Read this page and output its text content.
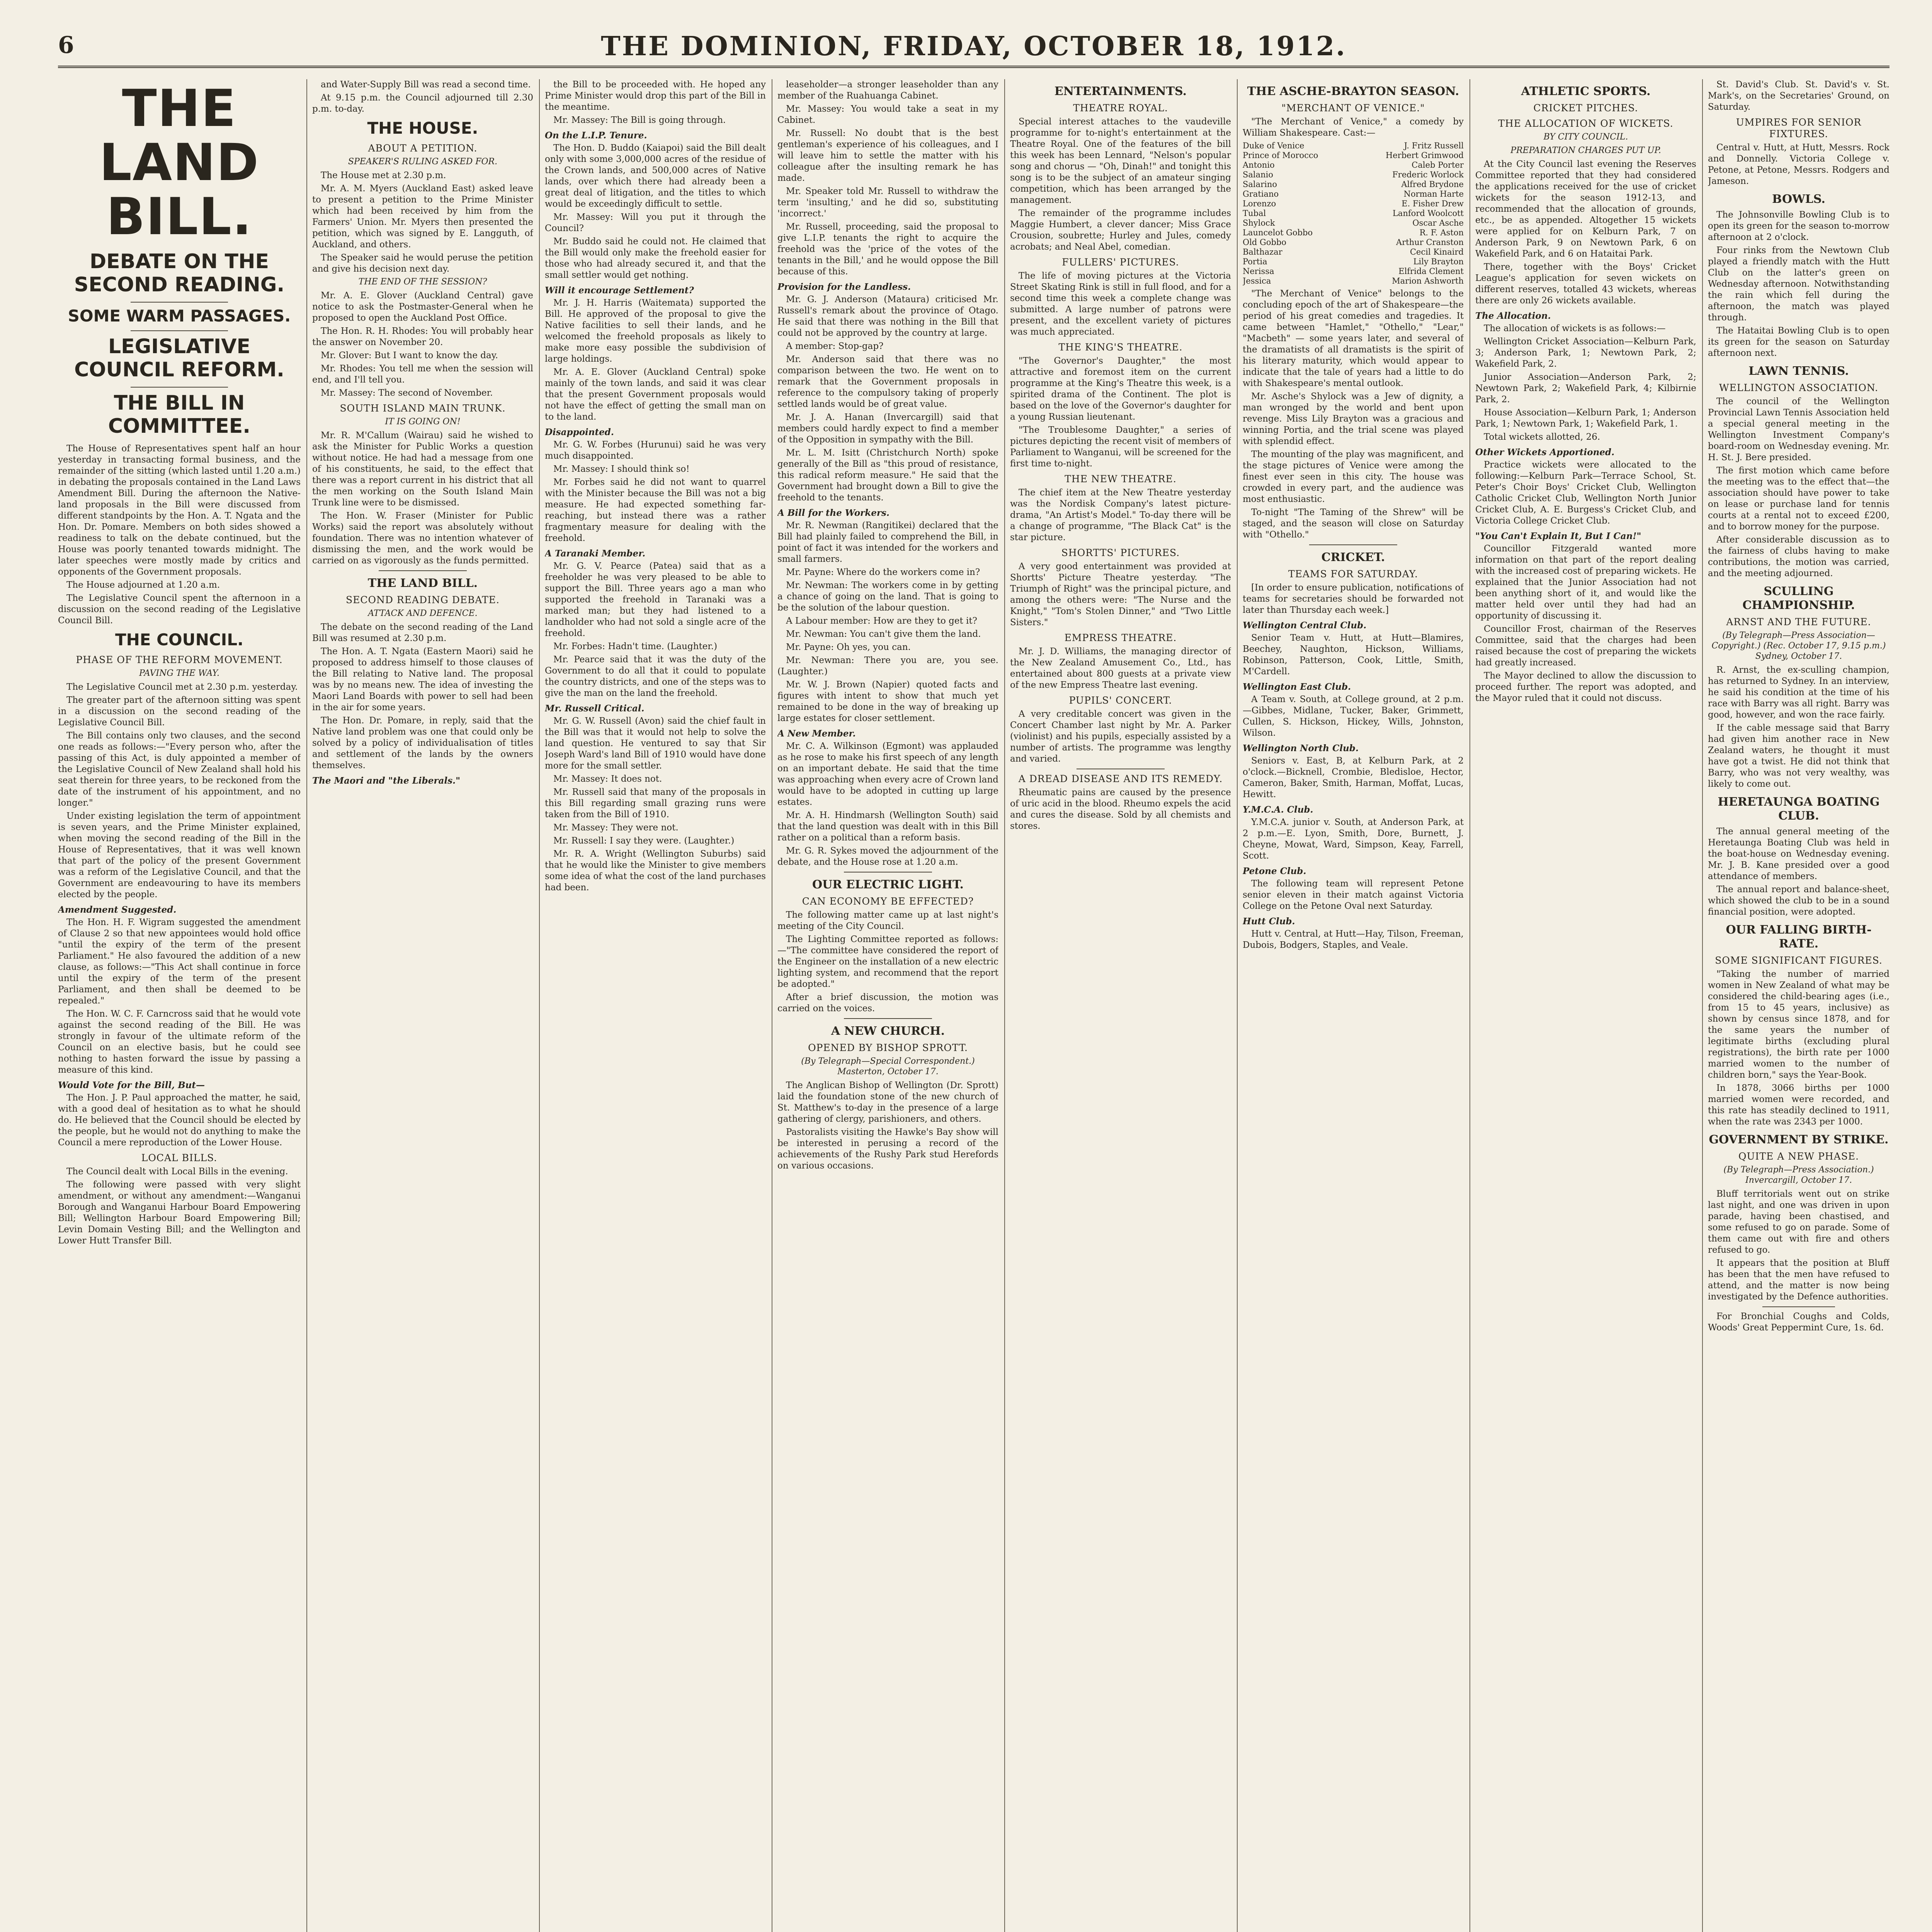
6	THE DOMINION, FRIDAY, OCTOBER 18, 1912.
THE LAND BILL.
DEBATE ON THE SECOND READING.
SOME WARM PASSAGES.
LEGISLATIVE COUNCIL REFORM.
THE BILL IN COMMITTEE.

The House of Representatives spent half an hour yesterday in transacting formal business, and the remainder of the sitting (which lasted until 1.20 a.m.) in debating the proposals contained in the Land Laws Amendment Bill. During the afternoon the Native-land proposals in the Bill were discussed from different standpoints by the Hon. A. T. Ngata and the Hon. Dr. Pomare. Members on both sides showed a readiness to talk on the debate continued, but the House was poorly tenanted towards midnight. The later speeches were mostly made by critics and opponents of the Government proposals.

The House adjourned at 1.20 a.m.

The Legislative Council spent the afternoon in a discussion on the second reading of the Legislative Council Bill.

THE COUNCIL.
PHASE OF THE REFORM MOVEMENT.
PAVING THE WAY.

The Legislative Council met at 2.30 p.m. yesterday.

The greater part of the afternoon sitting was spent in a discussion on the second reading of the Legislative Council Bill.

The Bill contains only two clauses, and the second one reads as follows:—"Every person who, after the passing of this Act, is duly appointed a member of the Legislative Council of New Zealand shall hold his seat therein for three years, to be reckoned from the date of the instrument of his appointment, and no longer."

Under existing legislation the term of appointment is seven years, and the Prime Minister explained, when moving the second reading of the Bill in the House of Representatives, that it was well known that part of the policy of the present Government was a reform of the Legislative Council, and that the Government are endeavouring to have its members elected by the people.

Amendment Suggested.

The Hon. H. F. Wigram suggested the amendment of Clause 2 so that new appointees would hold office "until the expiry of the term of the present Parliament." He also favoured the addition of a new clause, as follows:—"This Act shall continue in force until the expiry of the term of the present Parliament, and then shall be deemed to be repealed."

The Hon. W. C. F. Carncross said that he would vote against the second reading of the Bill. He was strongly in favour of the ultimate reform of the Council on an elective basis, but he could see nothing to hasten forward the issue by passing a measure of this kind.

Would Vote for the Bill, But—

The Hon. J. P. Paul approached the matter, he said, with a good deal of hesitation as to what he should do. He believed that the Council should be elected by the people, but he would not do anything to make the Council a mere reproduction of the Lower House.

LOCAL BILLS.

The Council dealt with Local Bills in the evening.

The following were passed with very slight amendment, or without any amendment:—Wanganui Borough and Wanganui Harbour Board Empowering Bill; Wellington Harbour Board Empowering Bill; Levin Domain Vesting Bill; and the Wellington and Lower Hutt Transfer Bill.

and Water-Supply Bill was read a second time.

At 9.15 p.m. the Council adjourned till 2.30 p.m. to-day.

THE HOUSE.
ABOUT A PETITION.
SPEAKER'S RULING ASKED FOR.

The House met at 2.30 p.m.

Mr. A. M. Myers (Auckland East) asked leave to present a petition to the Prime Minister which had been received by him from the Farmers' Union. Mr. Myers then presented the petition, which was signed by E. Langguth, of Auckland, and others.

The Speaker said he would peruse the petition and give his decision next day.

THE END OF THE SESSION?

Mr. A. E. Glover (Auckland Central) gave notice to ask the Postmaster-General when he proposed to open the Auckland Post Office.

The Hon. R. H. Rhodes: You will probably hear the answer on November 20.

Mr. Glover: But I want to know the day.

Mr. Rhodes: You tell me when the session will end, and I'll tell you.

Mr. Massey: The second of November.

SOUTH ISLAND MAIN TRUNK.
IT IS GOING ON!

Mr. R. M'Callum (Wairau) said he wished to ask the Minister for Public Works a question without notice. He had had a message from one of his constituents, he said, to the effect that there was a report current in his district that all the men working on the South Island Main Trunk line were to be dismissed.

The Hon. W. Fraser (Minister for Public Works) said the report was absolutely without foundation. There was no intention whatever of dismissing the men, and the work would be carried on as vigorously as the funds permitted.

THE LAND BILL.
SECOND READING DEBATE.
ATTACK AND DEFENCE.

The debate on the second reading of the Land Bill was resumed at 2.30 p.m.

The Hon. A. T. Ngata (Eastern Maori) said he proposed to address himself to those clauses of the Bill relating to Native land. The proposal was by no means new. The idea of investing the Maori Land Boards with power to sell had been in the air for some years.

The Hon. Dr. Pomare, in reply, said that the Native land problem was one that could only be solved by a policy of individualisation of titles and settlement of the lands by the owners themselves.

The Maori and "the Liberals."

the Bill to be proceeded with. He hoped any Prime Minister would drop this part of the Bill in the meantime.

Mr. Massey: The Bill is going through.

On the L.I.P. Tenure.

The Hon. D. Buddo (Kaiapoi) said the Bill dealt only with some 3,000,000 acres of the residue of the Crown lands, and 500,000 acres of Native lands, over which there had already been a great deal of litigation, and the titles to which would be exceedingly difficult to settle.

Mr. Massey: Will you put it through the Council?

Mr. Buddo said he could not. He claimed that the Bill would only make the freehold easier for those who had already secured it, and that the small settler would get nothing.

Will it encourage Settlement?

Mr. J. H. Harris (Waitemata) supported the Bill. He approved of the proposal to give the Native facilities to sell their lands, and he welcomed the freehold proposals as likely to make more easy possible the subdivision of large holdings.

Mr. A. E. Glover (Auckland Central) spoke mainly of the town lands, and said it was clear that the present Government proposals would not have the effect of getting the small man on to the land.

Disappointed.

Mr. G. W. Forbes (Hurunui) said he was very much disappointed.

Mr. Massey: I should think so!

Mr. Forbes said he did not want to quarrel with the Minister because the Bill was not a big measure. He had expected something far-reaching, but instead there was a rather fragmentary measure for dealing with the freehold.

A Taranaki Member.

Mr. G. V. Pearce (Patea) said that as a freeholder he was very pleased to be able to support the Bill. Three years ago a man who supported the freehold in Taranaki was a marked man; but they had listened to a landholder who had not sold a single acre of the freehold.

Mr. Forbes: Hadn't time. (Laughter.)

Mr. Pearce said that it was the duty of the Government to do all that it could to populate the country districts, and one of the steps was to give the man on the land the freehold.

Mr. Russell Critical.

Mr. G. W. Russell (Avon) said the chief fault in the Bill was that it would not help to solve the land question. He ventured to say that Sir Joseph Ward's land Bill of 1910 would have done more for the small settler.

Mr. Massey: It does not.

Mr. Russell said that many of the proposals in this Bill regarding small grazing runs were taken from the Bill of 1910.

Mr. Massey: They were not.

Mr. Russell: I say they were. (Laughter.)

Mr. R. A. Wright (Wellington Suburbs) said that he would like the Minister to give members some idea of what the cost of the land purchases had been.

leaseholder—a stronger leaseholder than any member of the Ruahuanga Cabinet.

Mr. Massey: You would take a seat in my Cabinet.

Mr. Russell: No doubt that is the best gentleman's experience of his colleagues, and I will leave him to settle the matter with his colleague after the insulting remark he has made.

Mr. Speaker told Mr. Russell to withdraw the term 'insulting,' and he did so, substituting 'incorrect.'

Mr. Russell, proceeding, said the proposal to give L.I.P. tenants the right to acquire the freehold was the 'price of the votes of the tenants in the Bill,' and he would oppose the Bill because of this.

Provision for the Landless.

Mr. G. J. Anderson (Mataura) criticised Mr. Russell's remark about the province of Otago. He said that there was nothing in the Bill that could not be approved by the country at large.

A member: Stop-gap?

Mr. Anderson said that there was no comparison between the two. He went on to remark that the Government proposals in reference to the compulsory taking of properly settled lands would be of great value.

Mr. J. A. Hanan (Invercargill) said that members could hardly expect to find a member of the Opposition in sympathy with the Bill.

Mr. L. M. Isitt (Christchurch North) spoke generally of the Bill as "this proud of resistance, this radical reform measure." He said that the Government had brought down a Bill to give the freehold to the tenants.

A Bill for the Workers.

Mr. R. Newman (Rangitikei) declared that the Bill had plainly failed to comprehend the Bill, in point of fact it was intended for the workers and small farmers.

Mr. Payne: Where do the workers come in?

Mr. Newman: The workers come in by getting a chance of going on the land. That is going to be the solution of the labour question.

A Labour member: How are they to get it?

Mr. Newman: You can't give them the land.

Mr. Payne: Oh yes, you can.

Mr. Newman: There you are, you see. (Laughter.)

Mr. W. J. Brown (Napier) quoted facts and figures with intent to show that much yet remained to be done in the way of breaking up large estates for closer settlement.

A New Member.

Mr. C. A. Wilkinson (Egmont) was applauded as he rose to make his first speech of any length on an important debate. He said that the time was approaching when every acre of Crown land would have to be adopted in cutting up large estates.

Mr. A. H. Hindmarsh (Wellington South) said that the land question was dealt with in this Bill rather on a political than a reform basis.

Mr. G. R. Sykes moved the adjournment of the debate, and the House rose at 1.20 a.m.

OUR ELECTRIC LIGHT.
CAN ECONOMY BE EFFECTED?

The following matter came up at last night's meeting of the City Council.

The Lighting Committee reported as follows:—"The committee have considered the report of the Engineer on the installation of a new electric lighting system, and recommend that the report be adopted."

After a brief discussion, the motion was carried on the voices.

A NEW CHURCH.
OPENED BY BISHOP SPROTT.
(By Telegraph—Special Correspondent.) Masterton, October 17.

The Anglican Bishop of Wellington (Dr. Sprott) laid the foundation stone of the new church of St. Matthew's to-day in the presence of a large gathering of clergy, parishioners, and others.

Pastoralists visiting the Hawke's Bay show will be interested in perusing a record of the achievements of the Rushy Park stud Herefords on various occasions.

ENTERTAINMENTS.
THEATRE ROYAL.

Special interest attaches to the vaudeville programme for to-night's entertainment at the Theatre Royal. One of the features of the bill this week has been Lennard, "Nelson's popular song and chorus — "Oh, Dinah!" and tonight this song is to be the subject of an amateur singing competition, which has been arranged by the management.

The remainder of the programme includes Maggie Humbert, a clever dancer; Miss Grace Crousion, soubrette; Hurley and Jules, comedy acrobats; and Neal Abel, comedian.

FULLERS' PICTURES.

The life of moving pictures at the Victoria Street Skating Rink is still in full flood, and for a second time this week a complete change was submitted. A large number of patrons were present, and the excellent variety of pictures was much appreciated.

THE KING'S THEATRE.

"The Governor's Daughter," the most attractive and foremost item on the current programme at the King's Theatre this week, is a spirited drama of the Continent. The plot is based on the love of the Governor's daughter for a young Russian lieutenant.

"The Troublesome Daughter," a series of pictures depicting the recent visit of members of Parliament to Wanganui, will be screened for the first time to-night.

THE NEW THEATRE.

The chief item at the New Theatre yesterday was the Nordisk Company's latest picture-drama, "An Artist's Model." To-day there will be a change of programme, "The Black Cat" is the star picture.

SHORTTS' PICTURES.

A very good entertainment was provided at Shortts' Picture Theatre yesterday. "The Triumph of Right" was the principal picture, and among the others were: "The Nurse and the Knight," "Tom's Stolen Dinner," and "Two Little Sisters."

EMPRESS THEATRE.

Mr. J. D. Williams, the managing director of the New Zealand Amusement Co., Ltd., has entertained about 800 guests at a private view of the new Empress Theatre last evening.

PUPILS' CONCERT.

A very creditable concert was given in the Concert Chamber last night by Mr. A. Parker (violinist) and his pupils, especially assisted by a number of artists. The programme was lengthy and varied.

A DREAD DISEASE AND ITS REMEDY.

Rheumatic pains are caused by the presence of uric acid in the blood. Rheumo expels the acid and cures the disease. Sold by all chemists and stores.

THE ASCHE-BRAYTON SEASON.
"MERCHANT OF VENICE."

"The Merchant of Venice," a comedy by William Shakespeare. Cast:—

Duke of Venice	J. Fritz Russell
Prince of Morocco	Herbert Grimwood
Antonio	Caleb Porter
Salanio	Frederic Worlock
Salarino	Alfred Brydone
Gratiano	Norman Harte
Lorenzo	E. Fisher Drew
Tubal	Lanford Woolcott
Shylock	Oscar Asche
Launcelot Gobbo	R. F. Aston
Old Gobbo	Arthur Cranston
Balthazar	Cecil Kinaird
Portia	Lily Brayton
Nerissa	Elfrida Clement
Jessica	Marion Ashworth

"The Merchant of Venice" belongs to the concluding epoch of the art of Shakespeare—the period of his great comedies and tragedies. It came between "Hamlet," "Othello," "Lear," "Macbeth" — some years later, and several of the dramatists of all dramatists is the spirit of his literary maturity, which would appear to indicate that the tale of years had a little to do with Shakespeare's mental outlook.

Mr. Asche's Shylock was a Jew of dignity, a man wronged by the world and bent upon revenge. Miss Lily Brayton was a gracious and winning Portia, and the trial scene was played with splendid effect.

The mounting of the play was magnificent, and the stage pictures of Venice were among the finest ever seen in this city. The house was crowded in every part, and the audience was most enthusiastic.

To-night "The Taming of the Shrew" will be staged, and the season will close on Saturday with "Othello."

CRICKET.
TEAMS FOR SATURDAY.

[In order to ensure publication, notifications of teams for secretaries should be forwarded not later than Thursday each week.]

Wellington Central Club.

Senior Team v. Hutt, at Hutt—Blamires, Beechey, Naughton, Hickson, Williams, Robinson, Patterson, Cook, Little, Smith, M'Cardell.

Wellington East Club.

A Team v. South, at College ground, at 2 p.m.—Gibbes, Midlane, Tucker, Baker, Grimmett, Cullen, S. Hickson, Hickey, Wills, Johnston, Wilson.

Wellington North Club.

Seniors v. East, B, at Kelburn Park, at 2 o'clock.—Bicknell, Crombie, Bledisloe, Hector, Cameron, Baker, Smith, Harman, Moffat, Lucas, Hewitt.

Y.M.C.A. Club.

Y.M.C.A. junior v. South, at Anderson Park, at 2 p.m.—E. Lyon, Smith, Dore, Burnett, J. Cheyne, Mowat, Ward, Simpson, Keay, Farrell, Scott.

Petone Club.

The following team will represent Petone senior eleven in their match against Victoria College on the Petone Oval next Saturday.

Hutt Club.

Hutt v. Central, at Hutt—Hay, Tilson, Freeman, Dubois, Bodgers, Staples, and Veale.

ATHLETIC SPORTS.
CRICKET PITCHES.
THE ALLOCATION OF WICKETS.
BY CITY COUNCIL.
PREPARATION CHARGES PUT UP.

At the City Council last evening the Reserves Committee reported that they had considered the applications received for the use of cricket wickets for the season 1912-13, and recommended that the allocation of grounds, etc., be as appended. Altogether 15 wickets were applied for on Kelburn Park, 7 on Anderson Park, 9 on Newtown Park, 6 on Wakefield Park, and 6 on Hataitai Park.

There, together with the Boys' Cricket League's application for seven wickets on different reserves, totalled 43 wickets, whereas there are only 26 wickets available.

The Allocation.

The allocation of wickets is as follows:—

Wellington Cricket Association—Kelburn Park, 3; Anderson Park, 1; Newtown Park, 2; Wakefield Park, 2.

Junior Association—Anderson Park, 2; Newtown Park, 2; Wakefield Park, 4; Kilbirnie Park, 2.

House Association—Kelburn Park, 1; Anderson Park, 1; Newtown Park, 1; Wakefield Park, 1.

Total wickets allotted, 26.

Other Wickets Apportioned.

Practice wickets were allocated to the following:—Kelburn Park—Terrace School, St. Peter's Choir Boys' Cricket Club, Wellington Catholic Cricket Club, Wellington North Junior Cricket Club, A. E. Burgess's Cricket Club, and Victoria College Cricket Club.

"You Can't Explain It, But I Can!"

Councillor Fitzgerald wanted more information on that part of the report dealing with the increased cost of preparing wickets. He explained that the Junior Association had not been anything short of it, and would like the matter held over until they had had an opportunity of discussing it.

Councillor Frost, chairman of the Reserves Committee, said that the charges had been raised because the cost of preparing the wickets had greatly increased.

The Mayor declined to allow the discussion to proceed further. The report was adopted, and the Mayor ruled that it could not discuss.

St. David's Club. St. David's v. St. Mark's, on the Secretaries' Ground, on Saturday.

UMPIRES FOR SENIOR FIXTURES.

Central v. Hutt, at Hutt, Messrs. Rock and Donnelly. Victoria College v. Petone, at Petone, Messrs. Rodgers and Jameson.

BOWLS.

The Johnsonville Bowling Club is to open its green for the season to-morrow afternoon at 2 o'clock.

Four rinks from the Newtown Club played a friendly match with the Hutt Club on the latter's green on Wednesday afternoon. Notwithstanding the rain which fell during the afternoon, the match was played through.

The Hataitai Bowling Club is to open its green for the season on Saturday afternoon next.

LAWN TENNIS.
WELLINGTON ASSOCIATION.

The council of the Wellington Provincial Lawn Tennis Association held a special general meeting in the Wellington Investment Company's board-room on Wednesday evening. Mr. H. St. J. Bere presided.

The first motion which came before the meeting was to the effect that—the association should have power to take on lease or purchase land for tennis courts at a rental not to exceed £200, and to borrow money for the purpose.

After considerable discussion as to the fairness of clubs having to make contributions, the motion was carried, and the meeting adjourned.

SCULLING CHAMPIONSHIP.
ARNST AND THE FUTURE.
(By Telegraph—Press Association—Copyright.) (Rec. October 17, 9.15 p.m.) Sydney, October 17.

R. Arnst, the ex-sculling champion, has returned to Sydney. In an interview, he said his condition at the time of his race with Barry was all right. Barry was good, however, and won the race fairly.

If the cable message said that Barry had given him another race in New Zealand waters, he thought it must have got a twist. He did not think that Barry, who was not very wealthy, was likely to come out.

HERETAUNGA BOATING CLUB.

The annual general meeting of the Heretaunga Boating Club was held in the boat-house on Wednesday evening. Mr. J. B. Kane presided over a good attendance of members.

The annual report and balance-sheet, which showed the club to be in a sound financial position, were adopted.

OUR FALLING BIRTH-RATE.
SOME SIGNIFICANT FIGURES.

"Taking the number of married women in New Zealand of what may be considered the child-bearing ages (i.e., from 15 to 45 years, inclusive) as shown by census since 1878, and for the same years the number of legitimate births (excluding plural registrations), the birth rate per 1000 married women to the number of children born," says the Year-Book.

In 1878, 3066 births per 1000 married women were recorded, and this rate has steadily declined to 1911, when the rate was 2343 per 1000.

GOVERNMENT BY STRIKE.
QUITE A NEW PHASE.
(By Telegraph—Press Association.) Invercargill, October 17.

Bluff territorials went out on strike last night, and one was driven in upon parade, having been chastised, and some refused to go on parade. Some of them came out with fire and others refused to go.

It appears that the position at Bluff has been that the men have refused to attend, and the matter is now being investigated by the Defence authorities.

For Bronchial Coughs and Colds, Woods' Great Peppermint Cure, 1s. 6d.
